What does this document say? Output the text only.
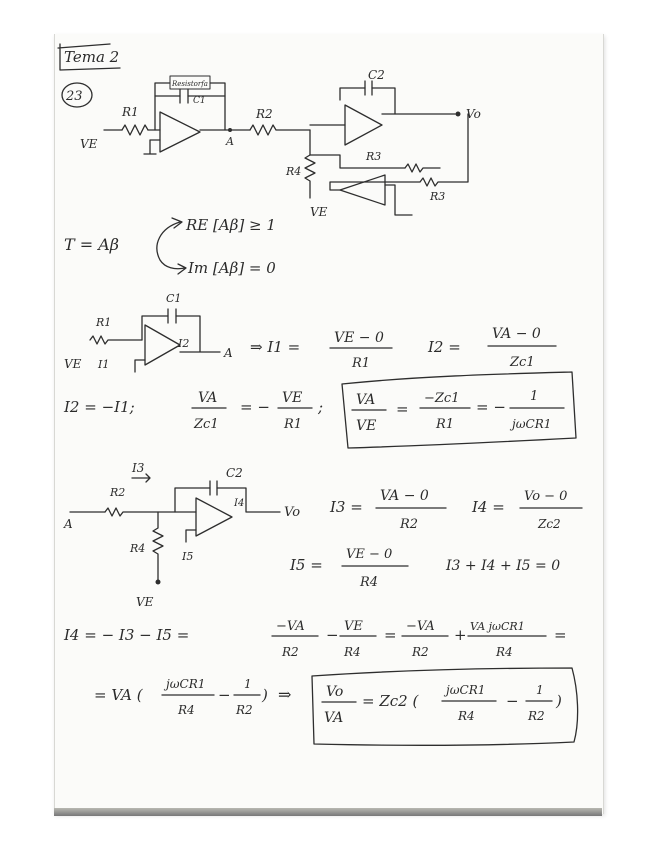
Tema 2
23
Resistorfa
VE
R1
C1
A
R2
C2
Vo
R3
R4
R3
VE
T = Aβ
RE [Aβ] ≥ 1
Im [Aβ] = 0
R1
C1
I2
I1
VE
A ⇒ I1 = VE − 0
R1
I2 =
VA − 0
Zc1
I2 = −I1;	VA
Zc1
= − VE
R1
; VA
VE
=
−Zc1
R1
= −
1
jωCR1
I3
R2
C2
I4
A
Vo
R4
I5
VE
I3 =
VA − 0
R2
I4 =
Vo − 0
Zc2
I5 =
VE − 0
R4
I3 + I4 + I5 = 0
I4 = − I3 − I5 =	−VA
R2
− VE
R4
= −VA
R2
+ VA jωCR1
R4
=
= VA (
jωCR1
R4
−
1
R2
) ⇒ Vo
VA
= Zc2 (
jωCR1
R4
−
1
R2
)
